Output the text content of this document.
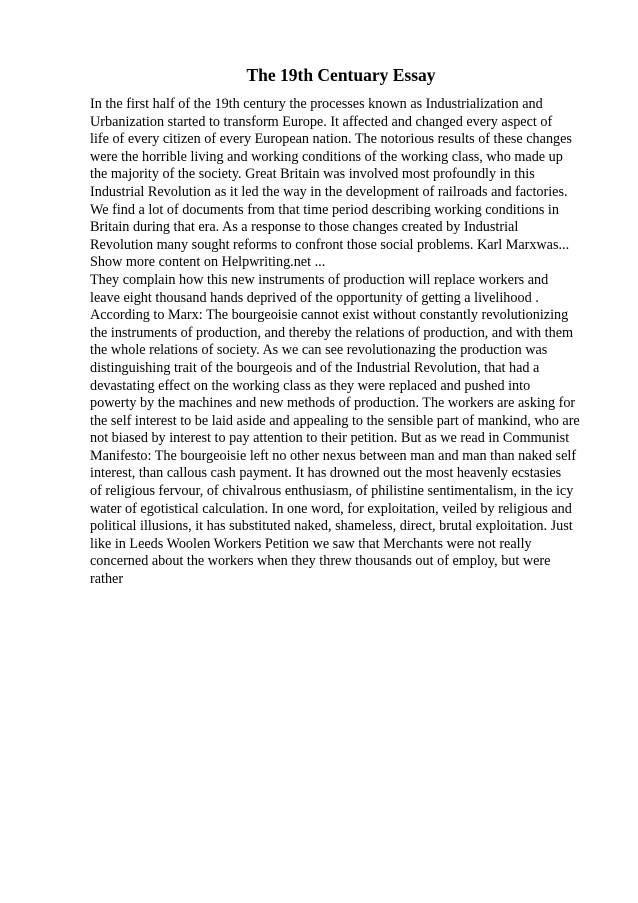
The 19th Centuary Essay
In the first half of the 19th century the processes known as Industrialization and
Urbanization started to transform Europe. It affected and changed every aspect of
life of every citizen of every European nation. The notorious results of these changes
were the horrible living and working conditions of the working class, who made up
the majority of the society. Great Britain was involved most profoundly in this
Industrial Revolution as it led the way in the development of railroads and factories.
We find a lot of documents from that time period describing working conditions in
Britain during that era. As a response to those changes created by Industrial
Revolution many sought reforms to confront those social problems. Karl Marxwas...
Show more content on Helpwriting.net ...
They complain how this new instruments of production will replace workers and
leave eight thousand hands deprived of the opportunity of getting a livelihood .
According to Marx: The bourgeoisie cannot exist without constantly revolutionizing
the instruments of production, and thereby the relations of production, and with them
the whole relations of society. As we can see revolutionazing the production was
distinguishing trait of the bourgeois and of the Industrial Revolution, that had a
devastating effect on the working class as they were replaced and pushed into
powerty by the machines and new methods of production. The workers are asking for
the self interest to be laid aside and appealing to the sensible part of mankind, who are
not biased by interest to pay attention to their petition. But as we read in Communist
Manifesto: The bourgeoisie left no other nexus between man and man than naked self
interest, than callous cash payment. It has drowned out the most heavenly ecstasies
of religious fervour, of chivalrous enthusiasm, of philistine sentimentalism, in the icy
water of egotistical calculation. In one word, for exploitation, veiled by religious and
political illusions, it has substituted naked, shameless, direct, brutal exploitation. Just
like in Leeds Woolen Workers Petition we saw that Merchants were not really
concerned about the workers when they threw thousands out of employ, but were
rather
